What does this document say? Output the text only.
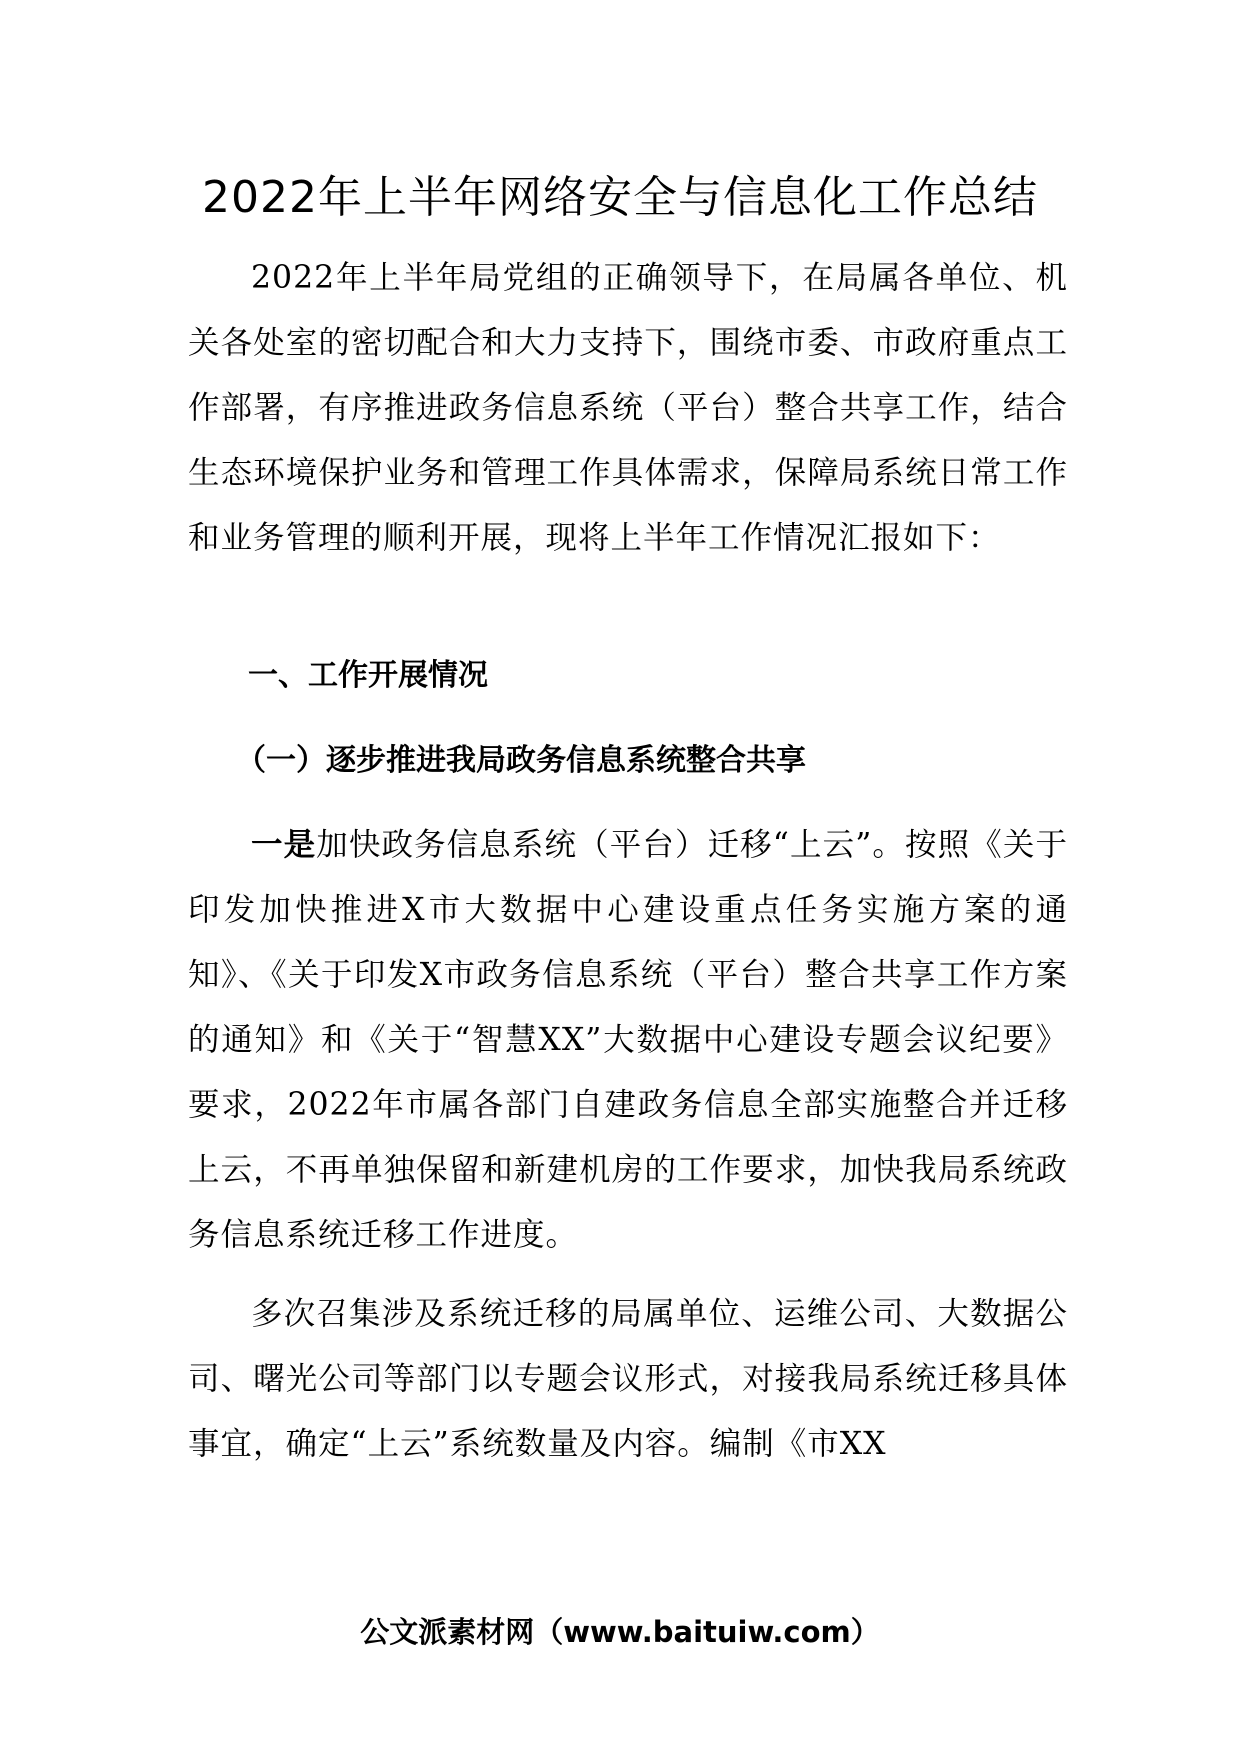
2022年上半年网络安全与信息化工作总结

2022年上半年局党组的正确领导下，在局属各单位、机关各处室的密切配合和大力支持下，围绕市委、市政府重点工作部署，有序推进政务信息系统（平台）整合共享工作，结合生态环境保护业务和管理工作具体需求，保障局系统日常工作和业务管理的顺利开展，现将上半年工作情况汇报如下：

一、工作开展情况

（一）逐步推进我局政务信息系统整合共享

一是加快政务信息系统（平台）迁移“上云”。按照《关于印发加快推进X市大数据中心建设重点任务实施方案的通知》、《关于印发X市政务信息系统（平台）整合共享工作方案的通知》和《关于“智慧XX”大数据中心建设专题会议纪要》要求，2022年市属各部门自建政务信息全部实施整合并迁移上云，不再单独保留和新建机房的工作要求，加快我局系统政务信息系统迁移工作进度。

多次召集涉及系统迁移的局属单位、运维公司、大数据公司、曙光公司等部门以专题会议形式，对接我局系统迁移具体事宜，确定“上云”系统数量及内容。编制《市XX

公文派素材网（www.baituiw.com）
